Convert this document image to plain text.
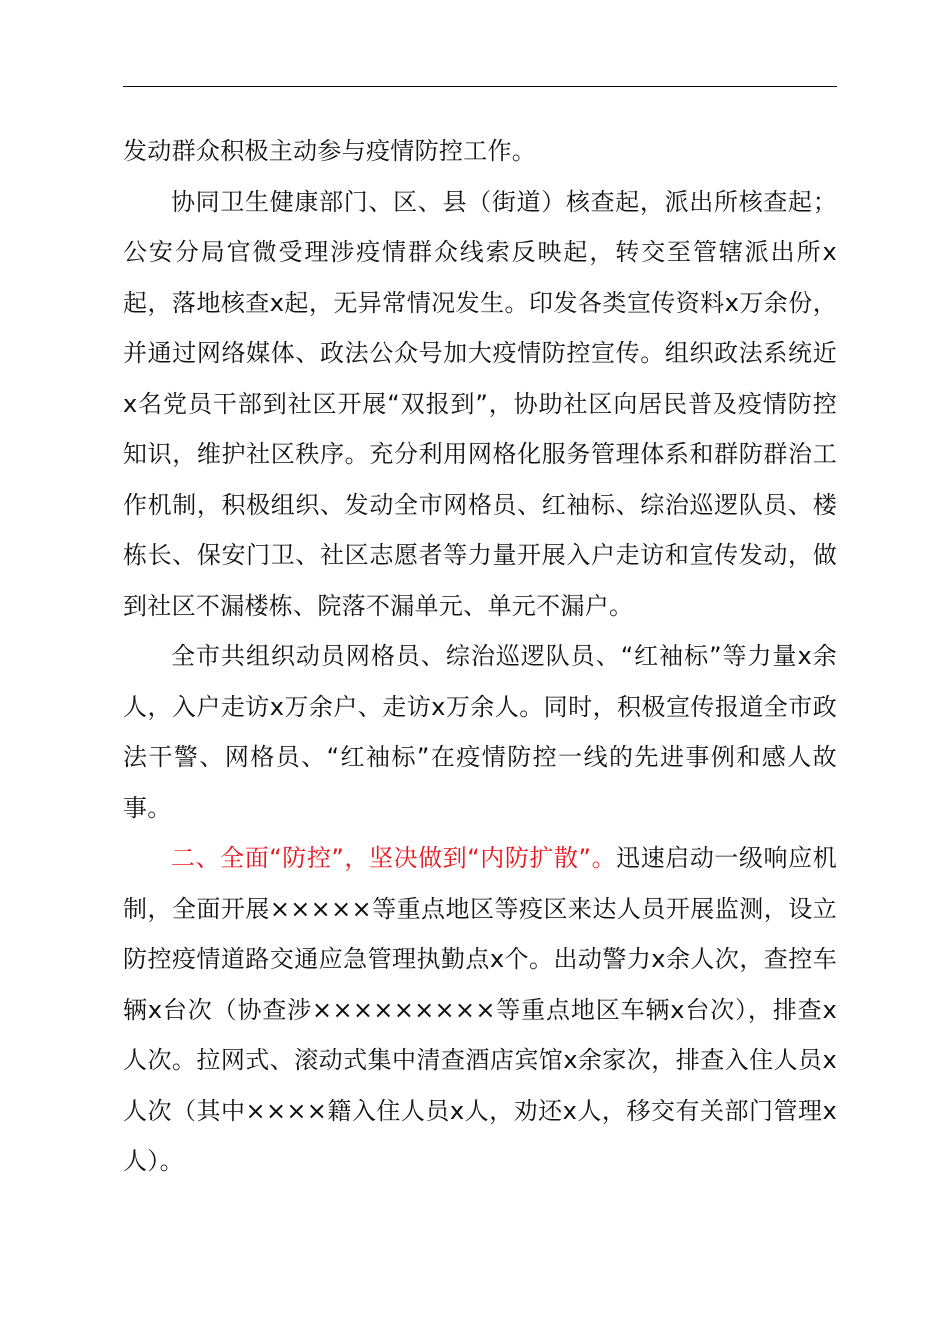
发动群众积极主动参与疫情防控工作。

协同卫生健康部门、区、县（街道）核查起，派出所核查起；公安分局官微受理涉疫情群众线索反映起，转交至管辖派出所x起，落地核查x起，无异常情况发生。印发各类宣传资料x万余份，并通过网络媒体、政法公众号加大疫情防控宣传。组织政法系统近x名党员干部到社区开展“双报到”，协助社区向居民普及疫情防控知识，维护社区秩序。充分利用网格化服务管理体系和群防群治工作机制，积极组织、发动全市网格员、红袖标、综治巡逻队员、楼栋长、保安门卫、社区志愿者等力量开展入户走访和宣传发动，做到社区不漏楼栋、院落不漏单元、单元不漏户。

全市共组织动员网格员、综治巡逻队员、“红袖标”等力量x余人，入户走访x万余户、走访x万余人。同时，积极宣传报道全市政法干警、网格员、“红袖标”在疫情防控一线的先进事例和感人故事。

二、全面“防控”，坚决做到“内防扩散”。迅速启动一级响应机制，全面开展×××××等重点地区等疫区来达人员开展监测，设立防控疫情道路交通应急管理执勤点x个。出动警力x余人次，查控车辆x台次（协查涉×××××××××等重点地区车辆x台次），排查x人次。拉网式、滚动式集中清查酒店宾馆x余家次，排查入住人员x人次（其中××××籍入住人员x人，劝还x人，移交有关部门管理x人）。
